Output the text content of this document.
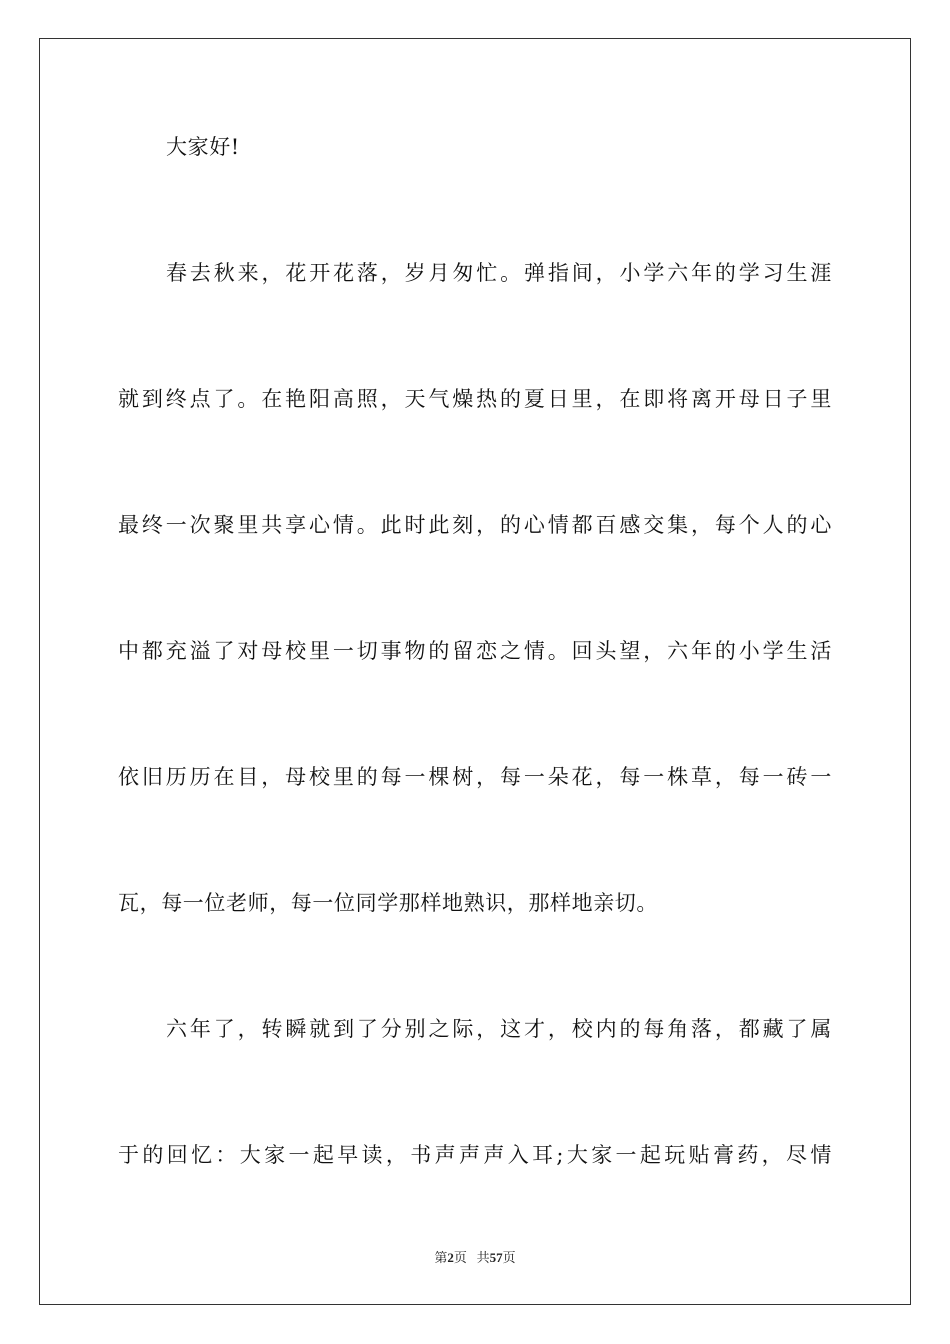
大家好!
春去秋来，花开花落，岁月匆忙。弹指间，小学六年的学习生涯
就到终点了。在艳阳高照，天气燥热的夏日里，在即将离开母日子里
最终一次聚里共享心情。此时此刻，的心情都百感交集，每个人的心
中都充溢了对母校里一切事物的留恋之情。回头望，六年的小学生活
依旧历历在目，母校里的每一棵树，每一朵花，每一株草，每一砖一
瓦，每一位老师，每一位同学那样地熟识，那样地亲切。
六年了，转瞬就到了分别之际，这才，校内的每角落，都藏了属
于的回忆：大家一起早读，书声声声入耳;大家一起玩贴膏药，尽情
第2页 共57页
